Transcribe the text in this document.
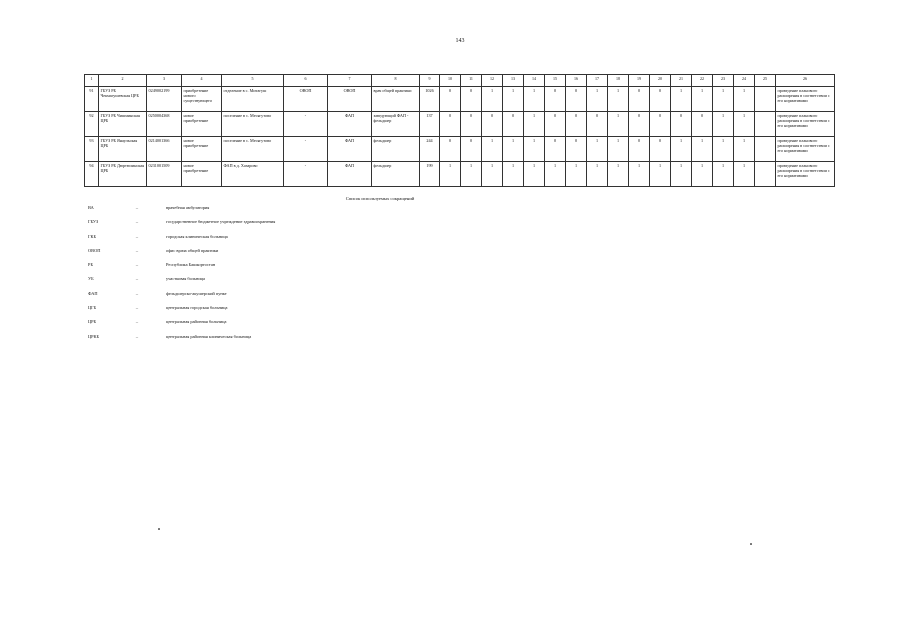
143
1	2	3	4	5	6	7	8	9	10	11	12	13	14	15	16	17	18	19	20	21	22	23	24	25	26	
91	ГБУЗ РБ Чекмагушевская ЦРБ	0249002199	приобретение нового существующего	отделение в с. Митагуш	ОВОП	ОВОП	врач общей практики	1026	0	0	1	1	1	0	0	1	1	0	0	1	1	1	1		проведение планового расширения в соответствии с его нормативами	
92	ГБУЗ РБ Чишминская ЦРБ	0250004368	новое приобретение	поселение в с. Месягутово	-	ФАП	заведующий ФАП - фельдшер	137	0	0	0	0	1	0	0	0	1	0	0	0	0	1	1		проведение планового расширения в соответствии с его нормативами	
93	ГБУЗ РБ Янаульская ЦРБ	0214001366	новое приобретение	поселение в с. Месягутово	-	ФАП	фельдшер	244	0	0	1	1	1	0	0	1	1	0	0	1	1	1	1		проведение планового расширения в соответствии с его нормативами	
94	ГБУЗ РБ Дюртюлинская ЦРБ	0231001509	новое приобретение	ФАП в д. Хазарово	-	ФАП	фельдшер	199	1	1	1	1	1	1	1	1	1	1	1	1	1	1	1		проведение планового расширения в соответствии с его нормативами	
Список используемых сокращений
ВА	–	врачебная амбулатория
ГБУЗ	–	государственное бюджетное учреждение здравоохранения
ГКБ	–	городская клиническая больница
ОВОП	–	офис врача общей практики
РБ	–	Республика Башкортостан
УБ	–	участковая больница
ФАП	–	фельдшерско-акушерский пункт
ЦГБ	–	центральная городская больница
ЦРБ	–	центральная районная больница
ЦРКБ	–	центральная районная клиническая больница
